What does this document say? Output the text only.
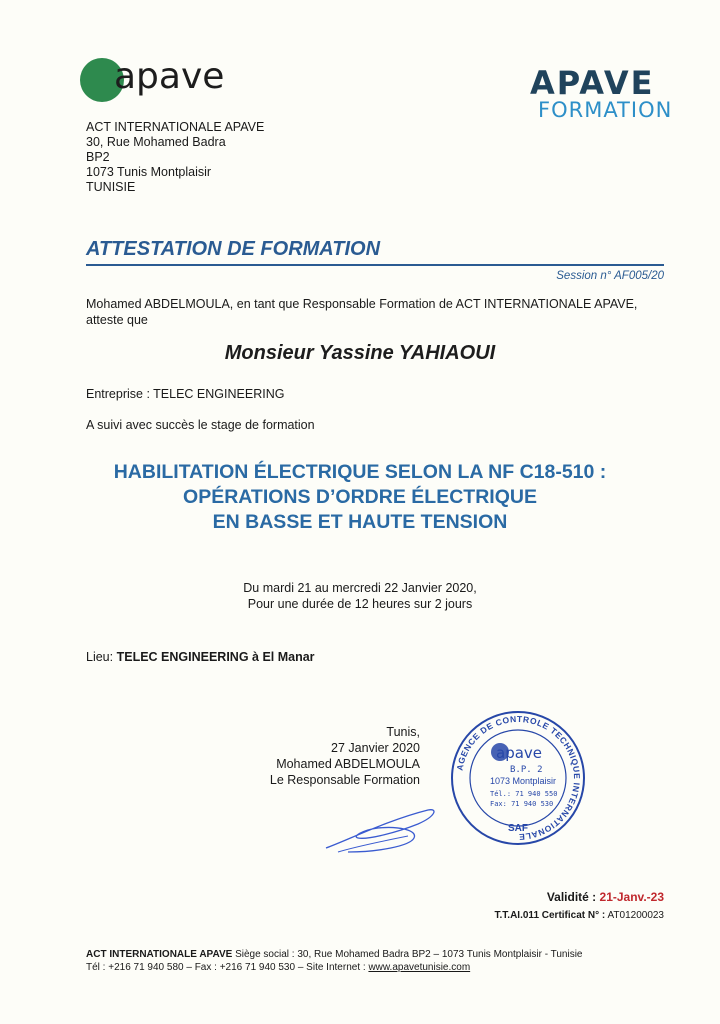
apave	APAVE
FORMATION
ACT INTERNATIONALE APAVE
30, Rue Mohamed Badra
BP2
1073 Tunis Montplaisir
TUNISIE
ATTESTATION DE FORMATION
Session n° AF005/20
Mohamed ABDELMOULA, en tant que Responsable Formation de ACT INTERNATIONALE APAVE,
atteste que
Monsieur Yassine YAHIAOUI
Entreprise : TELEC ENGINEERING
A suivi avec succès le stage de formation
HABILITATION ÉLECTRIQUE SELON LA NF C18-510 :
OPÉRATIONS D’ORDRE ÉLECTRIQUE
EN BASSE ET HAUTE TENSION
Du mardi 21 au mercredi 22 Janvier 2020,
Pour une durée de 12 heures sur 2 jours
Lieu: TELEC ENGINEERING à El Manar
Tunis,
27 Janvier 2020
Mohamed ABDELMOULA
Le Responsable Formation
AGENCE DE CONTROLE TECHNIQUE INTERNATIONALE
apave
B.P. 2
1073 Montplaisir
Tél.: 71 940 550
Fax: 71 940 530
SAF
Validité : 21-Janv.-23
T.T.AI.011 Certificat N° : AT01200023
ACT INTERNATIONALE APAVE Siège social : 30, Rue Mohamed Badra BP2 – 1073 Tunis Montplaisir - Tunisie
Tél : +216 71 940 580 – Fax : +216 71 940 530 – Site Internet : www.apavetunisie.com
